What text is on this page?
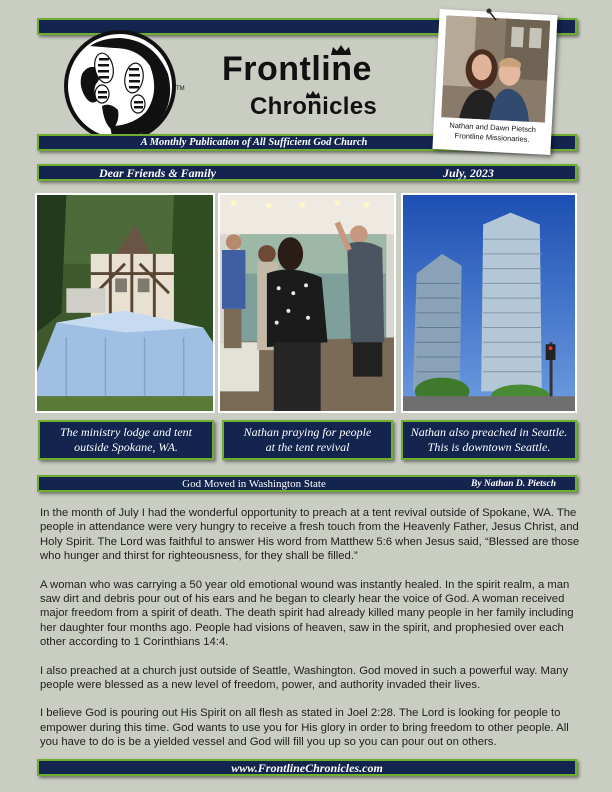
TM
Frontline
Chronicles
A Monthly Publication of All Sufficient God Church
Nathan and Dawn Pietsch
Frontline Missionaries.
Dear Friends & Family	July, 2023
The ministry lodge and tent
outside Spokane, WA.
Nathan praying for people
at the tent revival
Nathan also preached in Seattle.
This is downtown Seattle.
God Moved in Washington State	By Nathan D. Pietsch

In the month of July I had the wonderful opportunity to preach at a tent revival outside of Spokane, WA. The people in attendance were very hungry to receive a fresh touch from the Heavenly Father, Jesus Christ, and Holy Spirit. The Lord was faithful to answer His word from Matthew 5:6 when Jesus said, “Blessed are those who hunger and thirst for righteousness, for they shall be filled.”

A woman who was carrying a 50 year old emotional wound was instantly healed. In the spirit realm, a man saw dirt and debris pour out of his ears and he began to clearly hear the voice of God. A woman received major freedom from a spirit of death. The death spirit had already killed many people in her family including her daughter four months ago. People had visions of heaven, saw in the spirit, and prophesied over each other according to 1 Corinthians 14:4.

I also preached at a church just outside of Seattle, Washington. God moved in such a powerful way. Many people were blessed as a new level of freedom, power, and authority invaded their lives.

I believe God is pouring out His Spirit on all flesh as stated in Joel 2:28. The Lord is looking for people to empower during this time. God wants to use you for His glory in order to bring freedom to other people. All you have to do is be a yielded vessel and God will fill you up so you can pour out on others.

www.FrontlineChronicles.com
